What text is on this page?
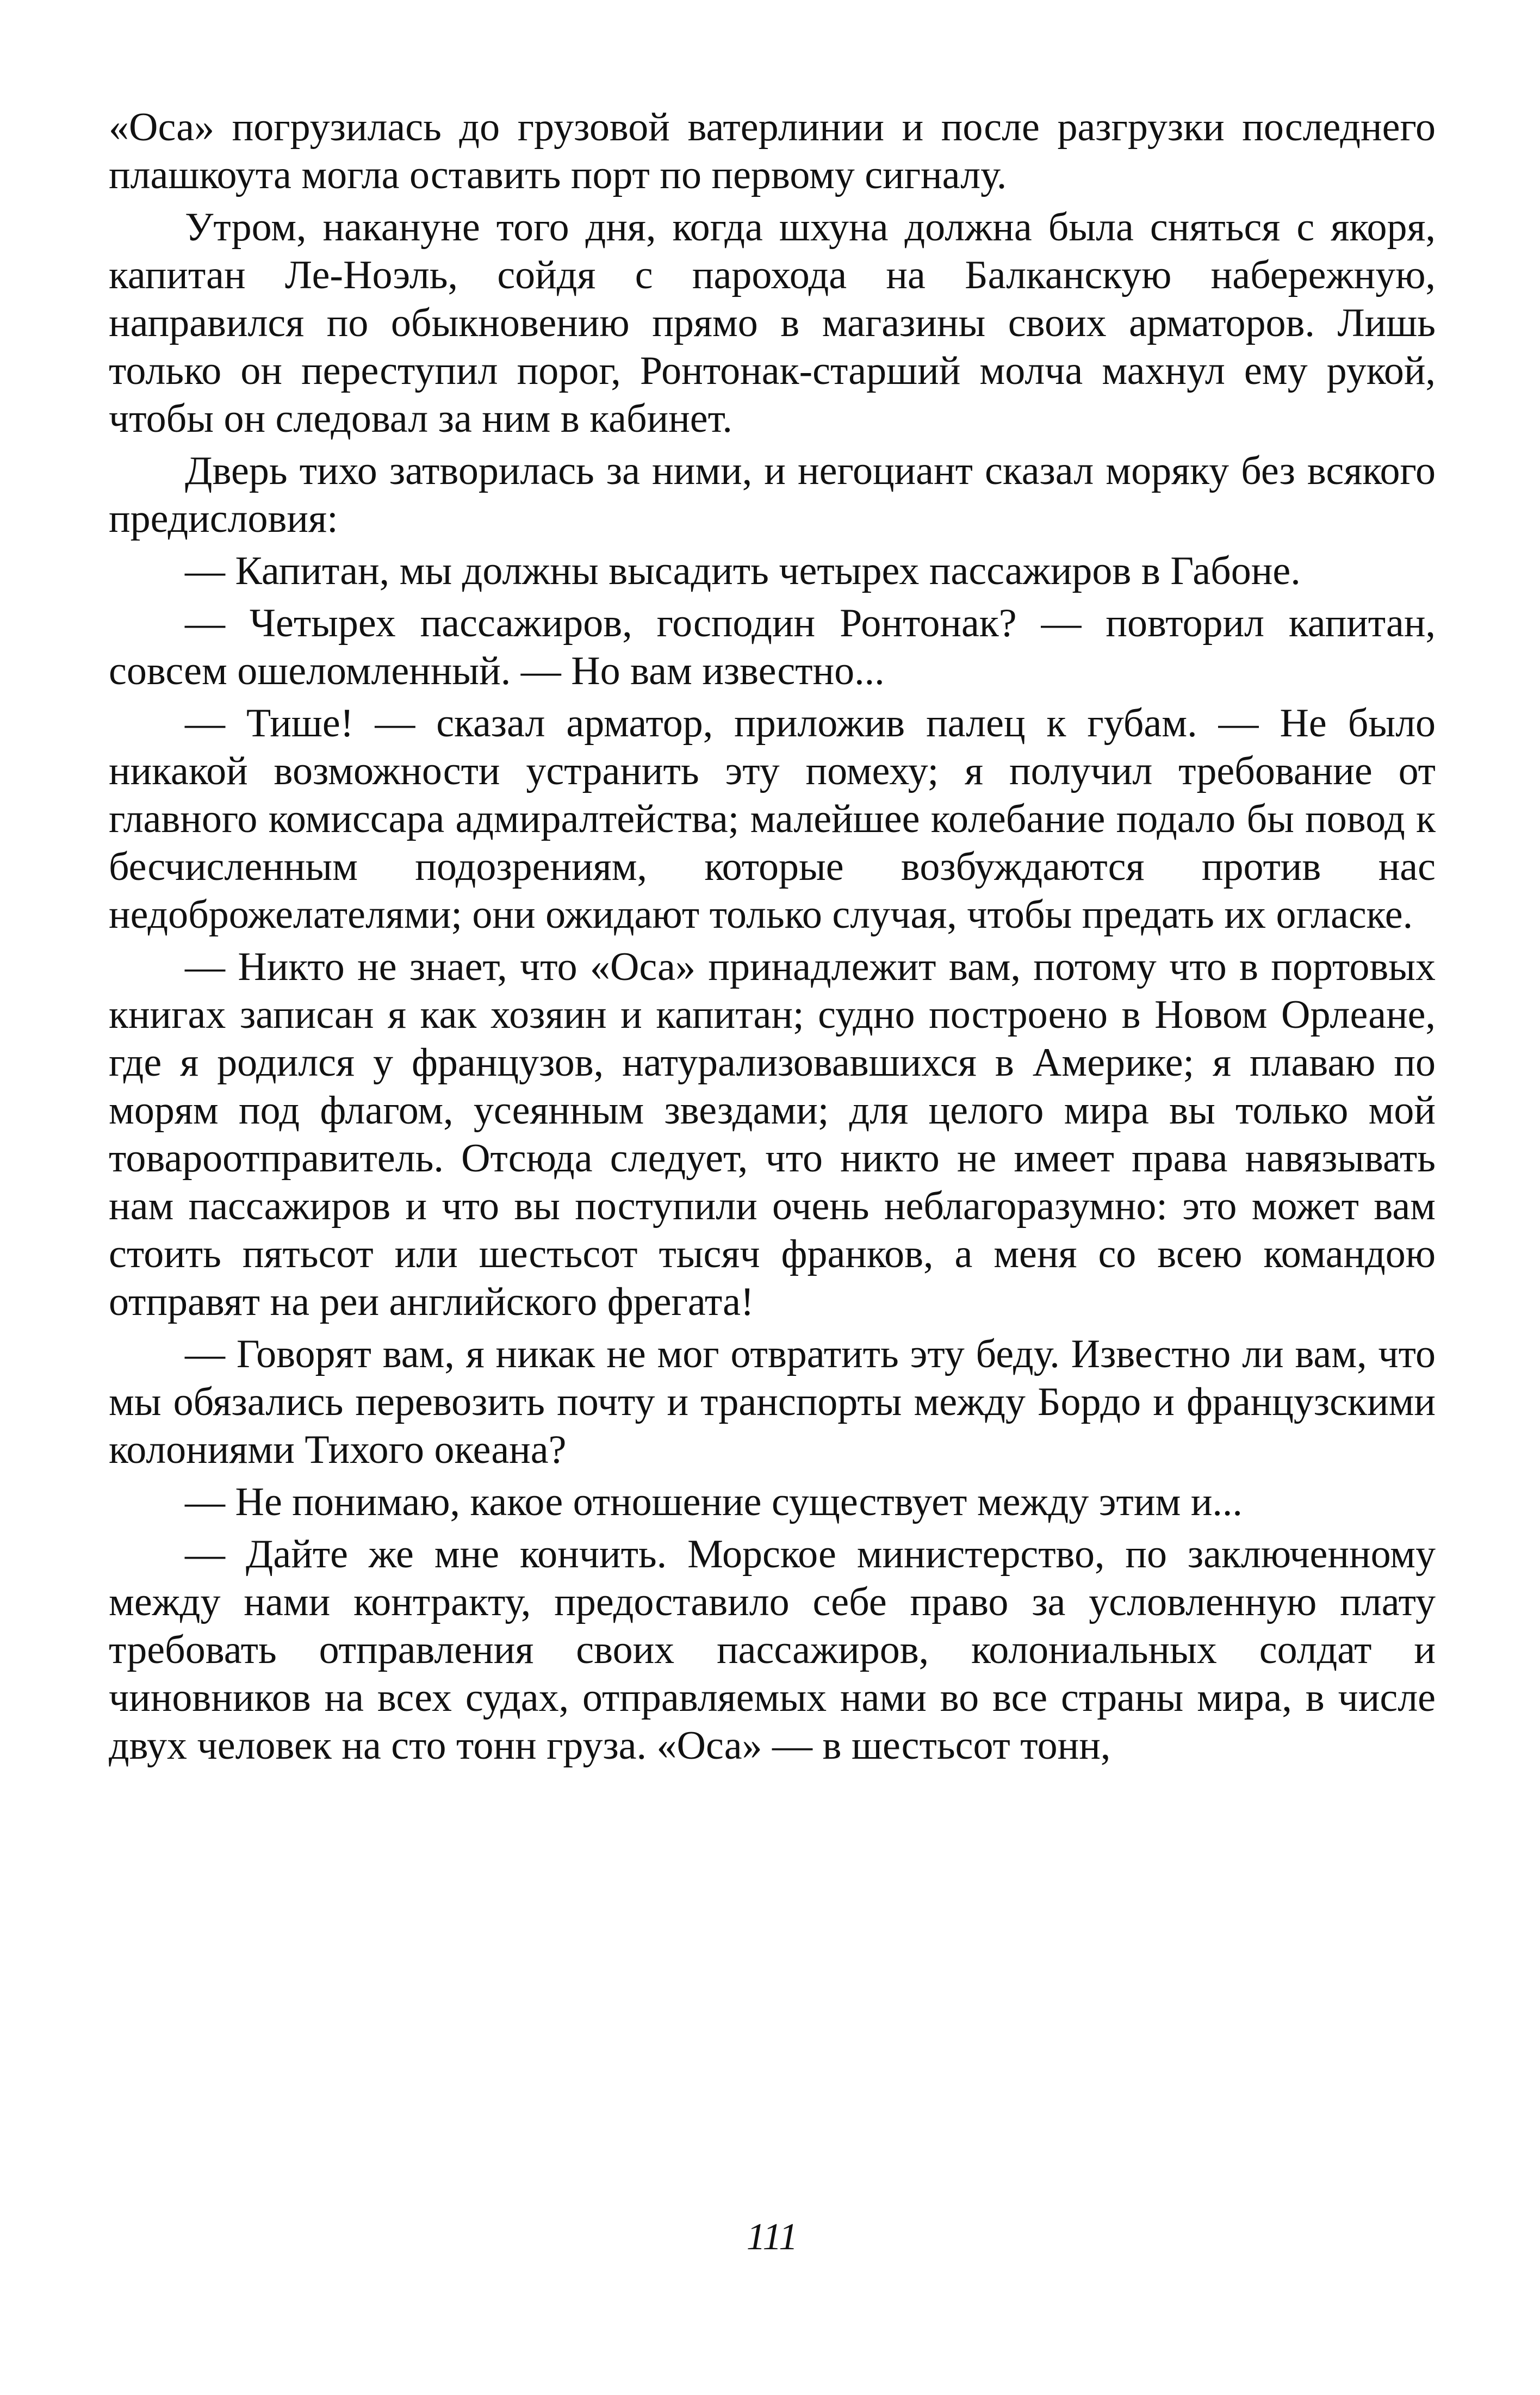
«Оса» погрузилась до грузовой ватерлинии и после разгрузки последнего плашкоута могла оставить порт по первому сигналу.

Утром, накануне того дня, когда шхуна должна была сняться с якоря, капитан Ле-Ноэль, сойдя с парохода на Балканскую набережную, направился по обыкновению прямо в магазины своих арматоров. Лишь только он переступил порог, Ронтонак-старший молча махнул ему рукой, чтобы он следовал за ним в кабинет.

Дверь тихо затворилась за ними, и негоциант сказал моряку без всякого предисловия:

— Капитан, мы должны высадить четырех пассажиров в Габоне.

— Четырех пассажиров, господин Ронтонак? — повторил капитан, совсем ошеломленный. — Но вам известно...

— Тише! — сказал арматор, приложив палец к губам. — Не было никакой возможности устранить эту помеху; я получил требование от главного комиссара адмиралтейства; малейшее колебание подало бы повод к бесчисленным подозрениям, которые возбуждаются против нас недоброжелателями; они ожидают только случая, чтобы предать их огласке.

— Никто не знает, что «Оса» принадлежит вам, потому что в портовых книгах записан я как хозяин и капитан; судно построено в Новом Орлеане, где я родился у французов, натурализовавшихся в Америке; я плаваю по морям под флагом, усеянным звездами; для целого мира вы только мой товароотправитель. Отсюда следует, что никто не имеет права навязывать нам пассажиров и что вы поступили очень неблагоразумно: это может вам стоить пятьсот или шестьсот тысяч франков, а меня со всею командою отправят на реи английского фрегата!

— Говорят вам, я никак не мог отвратить эту беду. Известно ли вам, что мы обязались перевозить почту и транспорты между Бордо и французскими колониями Тихого океана?

— Не понимаю, какое отношение существует между этим и...

— Дайте же мне кончить. Морское министерство, по заключенному между нами контракту, предоставило себе право за условленную плату требовать отправления своих пассажиров, колониальных солдат и чиновников на всех судах, отправляемых нами во все страны мира, в числе двух человек на сто тонн груза. «Оса» — в шестьсот тонн,

111
